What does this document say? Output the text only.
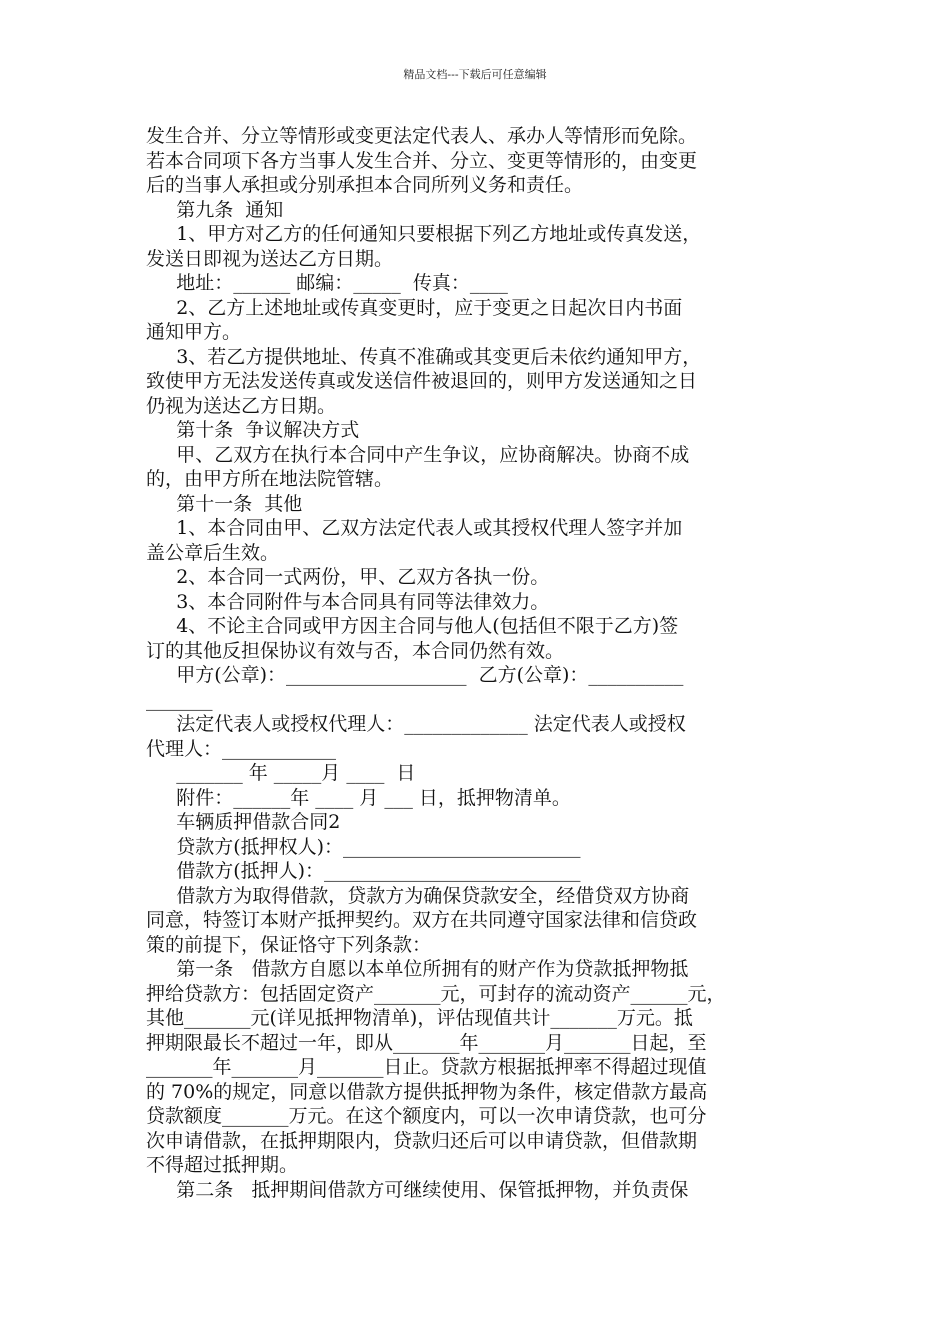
精品文档---下载后可任意编辑
发生合并、分立等情形或变更法定代表人、承办人等情形而免除。
若本合同项下各方当事人发生合并、分立、变更等情形的，由变更
后的当事人承担或分别承担本合同所列义务和责任。
第九条  通知
1、甲方对乙方的任何通知只要根据下列乙方地址或传真发送，
发送日即视为送达乙方日期。
地址：______ 邮编：_____  传真：____
2、乙方上述地址或传真变更时，应于变更之日起次日内书面
通知甲方。
3、若乙方提供地址、传真不准确或其变更后未依约通知甲方，
致使甲方无法发送传真或发送信件被退回的，则甲方发送通知之日
仍视为送达乙方日期。
第十条  争议解决方式
甲、乙双方在执行本合同中产生争议，应协商解决。协商不成
的，由甲方所在地法院管辖。
第十一条  其他
1、本合同由甲、乙双方法定代表人或其授权代理人签字并加
盖公章后生效。
2、本合同一式两份，甲、乙双方各执一份。
3、本合同附件与本合同具有同等法律效力。
4、不论主合同或甲方因主合同与他人(包括但不限于乙方)签
订的其他反担保协议有效与否，本合同仍然有效。
甲方(公章)：___________________  乙方(公章)：__________
_______
法定代表人或授权代理人：_____________ 法定代表人或授权
代理人：____________
_______ 年 _____月 ____  日
附件：______年 ____ 月 ___ 日，抵押物清单。
车辆质押借款合同2
贷款方(抵押权人)：_________________________
借款方(抵押人)：___________________________
借款方为取得借款，贷款方为确保贷款安全，经借贷双方协商
同意，特签订本财产抵押契约。双方在共同遵守国家法律和信贷政
策的前提下，保证恪守下列条款：
第一条   借款方自愿以本单位所拥有的财产作为贷款抵押物抵
押给贷款方：包括固定资产_______元，可封存的流动资产______元，
其他_______元(详见抵押物清单)，评估现值共计_______万元。抵
押期限最长不超过一年，即从_______年_______月_______日起，至
_______年_______月_______日止。贷款方根据抵押率不得超过现值
的 70%的规定，同意以借款方提供抵押物为条件，核定借款方最高
贷款额度_______万元。在这个额度内，可以一次申请贷款，也可分
次申请借款，在抵押期限内，贷款归还后可以申请贷款，但借款期
不得超过抵押期。
第二条   抵押期间借款方可继续使用、保管抵押物，并负责保
